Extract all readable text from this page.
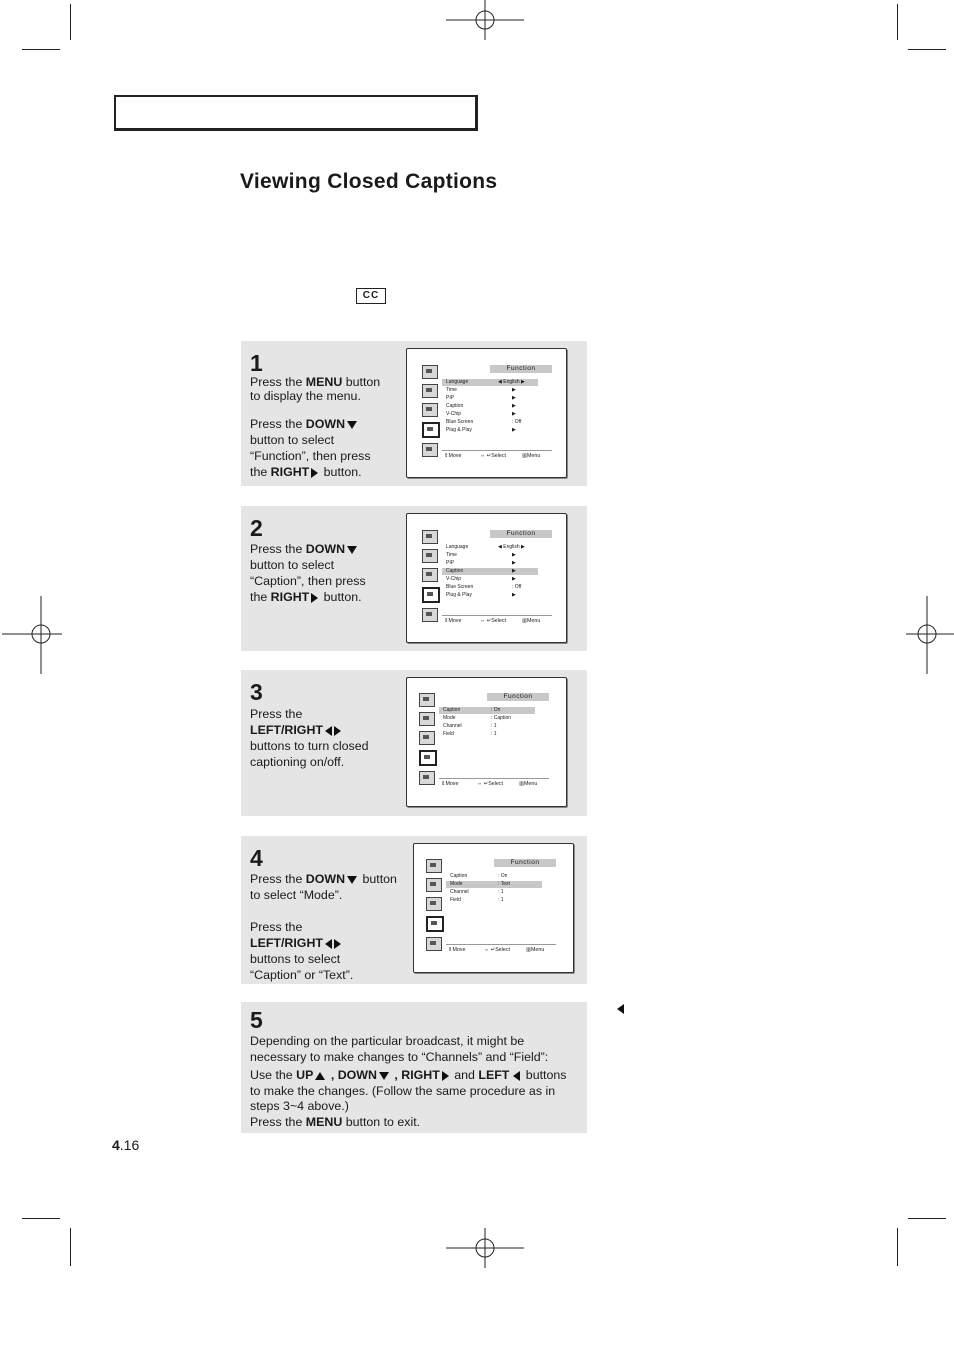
Viewing Closed Captions
CC
1

Press the MENU button

to display the menu.

Press the DOWN

button to select

“Function”, then press

the RIGHT button.

Function
Language	◀ English ▶
Time	▶
PIP	▶
Caption	▶
V-Chip	▶
Blue Screen	: Off
Plug & Play	▶
⇕ Move	⇔ ↵ Select	▥ Menu
2

Press the DOWN

button to select

“Caption”, then press

the RIGHT button.

Function
Language	◀ English ▶
Time	▶
PIP	▶
Caption	▶
V-Chip	▶
Blue Screen	: Off
Plug & Play	▶
⇕ Move	⇔ ↵ Select	▥ Menu
3

Press the

LEFT/RIGHT

buttons to turn closed

captioning on/off.

Function
Caption	: On
Mode	: Caption
Channel	: 1
Field	: 1
⇕ Move	⇔ ↵ Select	▥ Menu
4

Press the DOWN button

to select “Mode”.

Press the

LEFT/RIGHT

buttons to select

“Caption” or “Text”.

Function
Caption	: On
Mode	: Text
Channel	: 1
Field	: 1
⇕ Move	⇔ ↵ Select	▥ Menu
5

Depending on the particular broadcast, it might be necessary to make changes to “Channels” and “Field”:

Use the UP , DOWN , RIGHT and LEFT buttons

to make the changes. (Follow the same procedure as in steps 3~4 above.)

Press the MENU button to exit.

4.16
